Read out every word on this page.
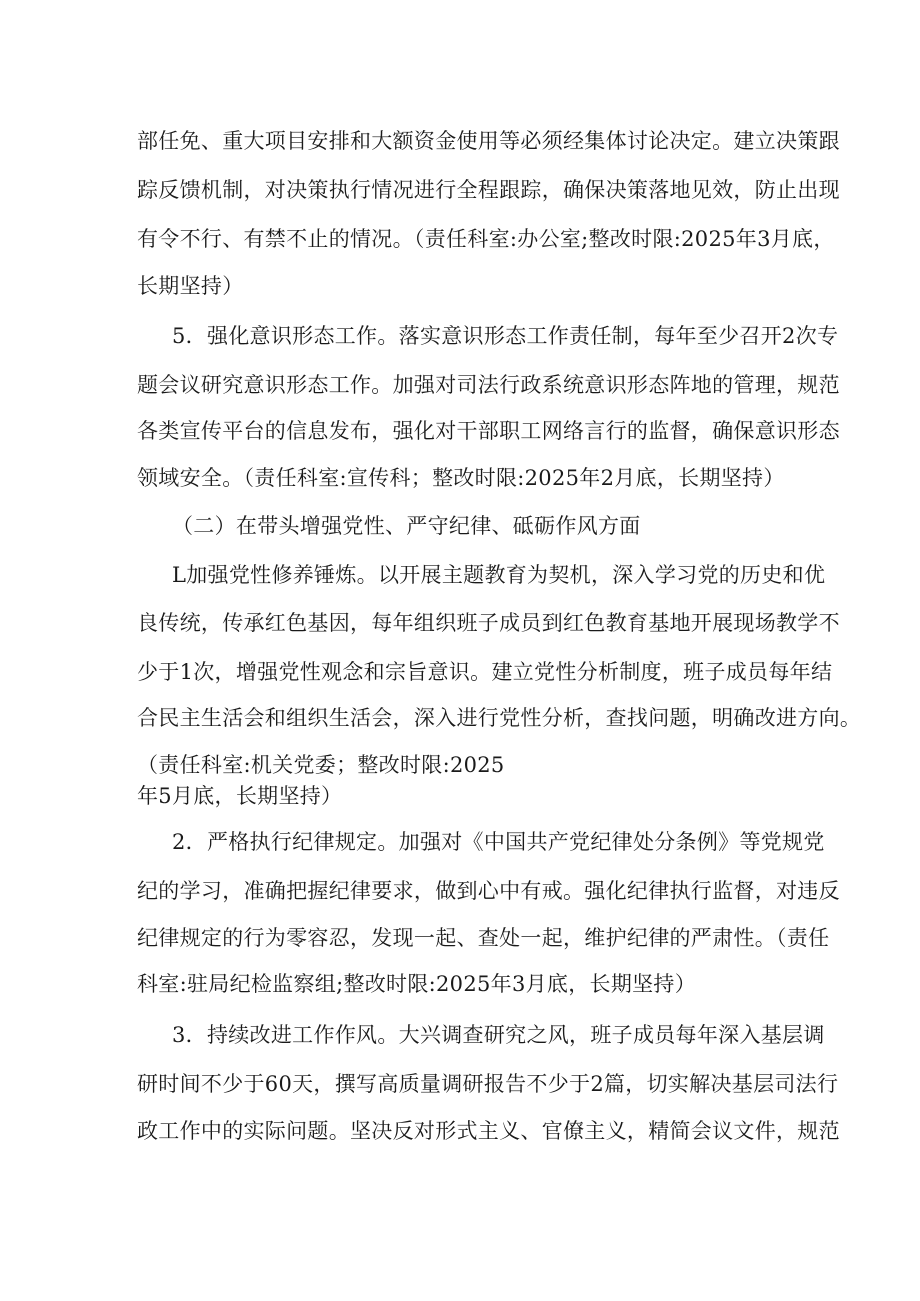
部任免、重大项目安排和大额资金使用等必须经集体讨论决定。建立决策跟
踪反馈机制，对决策执行情况进行全程跟踪，确保决策落地见效，防止出现
有令不行、有禁不止的情况。（责任科室:办公室;整改时限:2025年3月底，
长期坚持）
5．强化意识形态工作。落实意识形态工作责任制，每年至少召开2次专
题会议研究意识形态工作。加强对司法行政系统意识形态阵地的管理，规范
各类宣传平台的信息发布，强化对干部职工网络言行的监督，确保意识形态
领域安全。（责任科室:宣传科；整改时限:2025年2月底，长期坚持）
（二）在带头增强党性、严守纪律、砥砺作风方面
L加强党性修养锤炼。以开展主题教育为契机，深入学习党的历史和优
良传统，传承红色基因，每年组织班子成员到红色教育基地开展现场教学不
少于1次，增强党性观念和宗旨意识。建立党性分析制度，班子成员每年结
合民主生活会和组织生活会，深入进行党性分析，查找问题，明确改进方向。
（责任科室:机关党委；整改时限:2025
年5月底，长期坚持）
2．严格执行纪律规定。加强对《中国共产党纪律处分条例》等党规党
纪的学习，准确把握纪律要求，做到心中有戒。强化纪律执行监督，对违反
纪律规定的行为零容忍，发现一起、查处一起，维护纪律的严肃性。（责任
科室:驻局纪检监察组;整改时限:2025年3月底，长期坚持）
3．持续改进工作作风。大兴调查研究之风，班子成员每年深入基层调
研时间不少于60天，撰写高质量调研报告不少于2篇，切实解决基层司法行
政工作中的实际问题。坚决反对形式主义、官僚主义，精简会议文件，规范
